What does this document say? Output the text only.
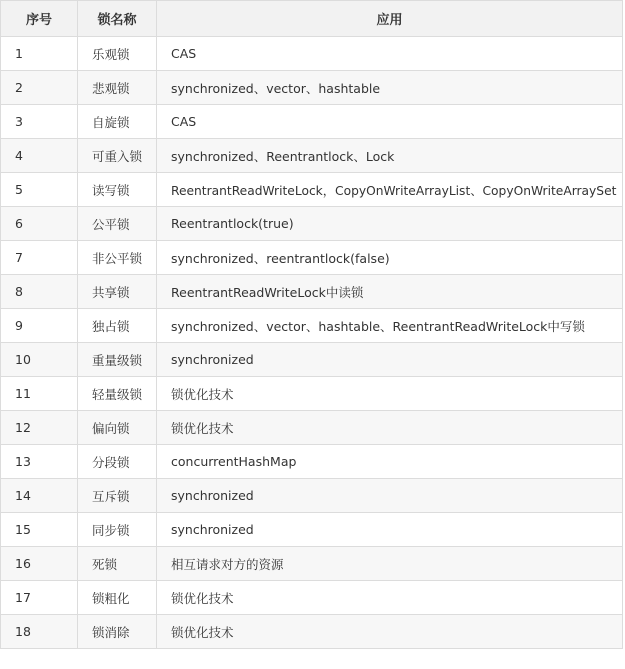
序号	锁名称	应用
1	乐观锁	CAS
2	悲观锁	synchronized、vector、hashtable
3	自旋锁	CAS
4	可重入锁	synchronized、Reentrantlock、Lock
5	读写锁	ReentrantReadWriteLock，CopyOnWriteArrayList、CopyOnWriteArraySet
6	公平锁	Reentrantlock(true)
7	非公平锁	synchronized、reentrantlock(false)
8	共享锁	ReentrantReadWriteLock中读锁
9	独占锁	synchronized、vector、hashtable、ReentrantReadWriteLock中写锁
10	重量级锁	synchronized
11	轻量级锁	锁优化技术
12	偏向锁	锁优化技术
13	分段锁	concurrentHashMap
14	互斥锁	synchronized
15	同步锁	synchronized
16	死锁	相互请求对方的资源
17	锁粗化	锁优化技术
18	锁消除	锁优化技术
